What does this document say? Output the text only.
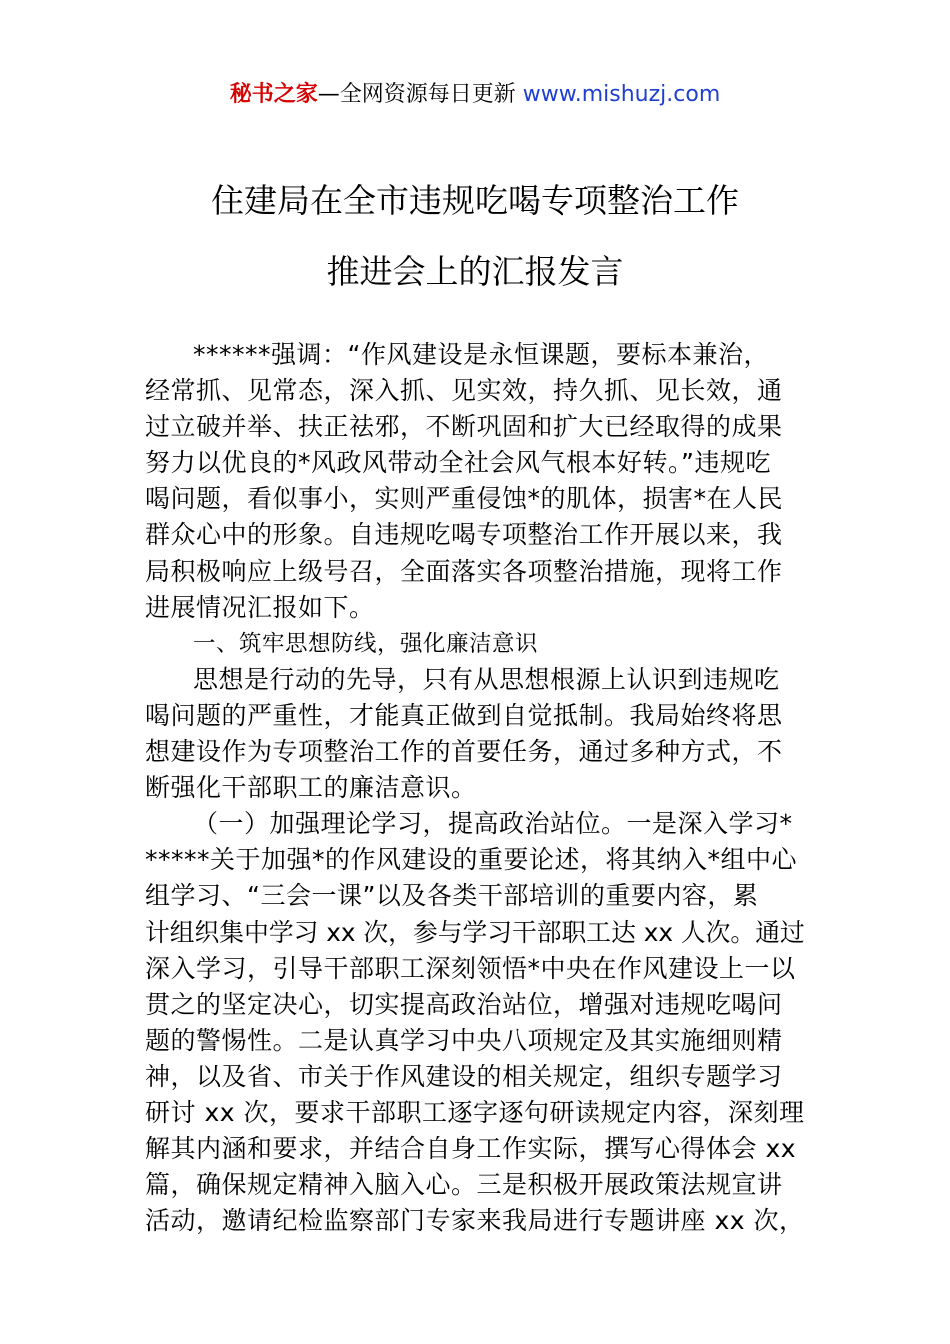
秘书之家—全网资源每日更新 www.mishuzj.com
住建局在全市违规吃喝专项整治工作
推进会上的汇报发言
******强调：“作风建设是永恒课题，要标本兼治，
经常抓、见常态，深入抓、见实效，持久抓、见长效，通
过立破并举、扶正祛邪，不断巩固和扩大已经取得的成果
努力以优良的*风政风带动全社会风气根本好转。”违规吃
喝问题，看似事小，实则严重侵蚀*的肌体，损害*在人民
群众心中的形象。自违规吃喝专项整治工作开展以来，我
局积极响应上级号召，全面落实各项整治措施，现将工作
进展情况汇报如下。
一、筑牢思想防线，强化廉洁意识
思想是行动的先导，只有从思想根源上认识到违规吃
喝问题的严重性，才能真正做到自觉抵制。我局始终将思
想建设作为专项整治工作的首要任务，通过多种方式，不
断强化干部职工的廉洁意识。
（一）加强理论学习，提高政治站位。一是深入学习*
*****关于加强*的作风建设的重要论述，将其纳入*组中心
组学习、“三会一课”以及各类干部培训的重要内容，累
计组织集中学习 xx 次，参与学习干部职工达 xx 人次。通过
深入学习，引导干部职工深刻领悟*中央在作风建设上一以
贯之的坚定决心，切实提高政治站位，增强对违规吃喝问
题的警惕性。二是认真学习中央八项规定及其实施细则精
神，以及省、市关于作风建设的相关规定，组织专题学习
研讨 xx 次，要求干部职工逐字逐句研读规定内容，深刻理
解其内涵和要求，并结合自身工作实际，撰写心得体会 xx
篇，确保规定精神入脑入心。三是积极开展政策法规宣讲
活动，邀请纪检监察部门专家来我局进行专题讲座 xx 次，
